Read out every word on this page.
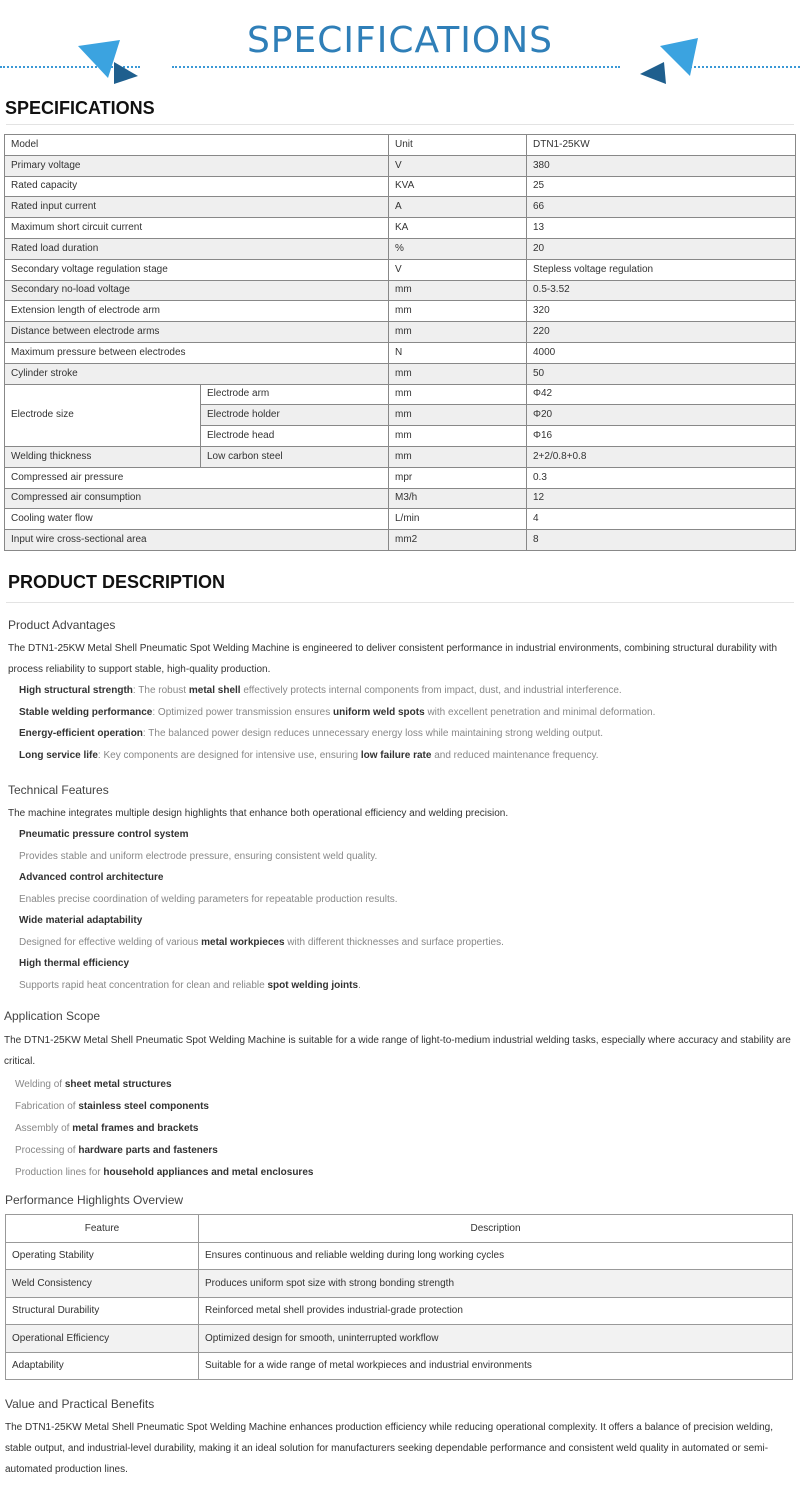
SPECIFICATIONS
SPECIFICATIONS
Model		Unit	DTN1-25KW
Primary voltage		V	380
Rated capacity		KVA	25
Rated input current		A	66
Maximum short circuit current		KA	13
Rated load duration		%	20
Secondary voltage regulation stage		V	Stepless voltage regulation
Secondary no-load voltage		mm	0.5-3.52
Extension length of electrode arm		mm	320
Distance between electrode arms		mm	220
Maximum pressure between electrodes		N	4000
Cylinder stroke		mm	50
Electrode size	Electrode arm	mm	Φ42
	Electrode holder	mm	Φ20
	Electrode head	mm	Φ16
Welding thickness	Low carbon steel	mm	2+2/0.8+0.8
Compressed air pressure		mpr	0.3
Compressed air consumption		M3/h	12
Cooling water flow		L/min	4
Input wire cross-sectional area		mm2	8
PRODUCT DESCRIPTION
Product Advantages
The DTN1-25KW Metal Shell Pneumatic Spot Welding Machine is engineered to deliver consistent performance in industrial environments, combining structural durability with process reliability to support stable, high-quality production.
High structural strength: The robust metal shell effectively protects internal components from impact, dust, and industrial interference.
Stable welding performance: Optimized power transmission ensures uniform weld spots with excellent penetration and minimal deformation.
Energy-efficient operation: The balanced power design reduces unnecessary energy loss while maintaining strong welding output.
Long service life: Key components are designed for intensive use, ensuring low failure rate and reduced maintenance frequency.
Technical Features
The machine integrates multiple design highlights that enhance both operational efficiency and welding precision.
Pneumatic pressure control system
Provides stable and uniform electrode pressure, ensuring consistent weld quality.
Advanced control architecture
Enables precise coordination of welding parameters for repeatable production results.
Wide material adaptability
Designed for effective welding of various metal workpieces with different thicknesses and surface properties.
High thermal efficiency
Supports rapid heat concentration for clean and reliable spot welding joints.
Application Scope
The DTN1-25KW Metal Shell Pneumatic Spot Welding Machine is suitable for a wide range of light-to-medium industrial welding tasks, especially where accuracy and stability are critical.
Welding of sheet metal structures
Fabrication of stainless steel components
Assembly of metal frames and brackets
Processing of hardware parts and fasteners
Production lines for household appliances and metal enclosures
Performance Highlights Overview
Feature	Description
Operating Stability	Ensures continuous and reliable welding during long working cycles
Weld Consistency	Produces uniform spot size with strong bonding strength
Structural Durability	Reinforced metal shell provides industrial-grade protection
Operational Efficiency	Optimized design for smooth, uninterrupted workflow
Adaptability	Suitable for a wide range of metal workpieces and industrial environments
Value and Practical Benefits
The DTN1-25KW Metal Shell Pneumatic Spot Welding Machine enhances production efficiency while reducing operational complexity. It offers a balance of precision welding, stable output, and industrial-level durability, making it an ideal solution for manufacturers seeking dependable performance and consistent weld quality in automated or semi-automated production lines.
